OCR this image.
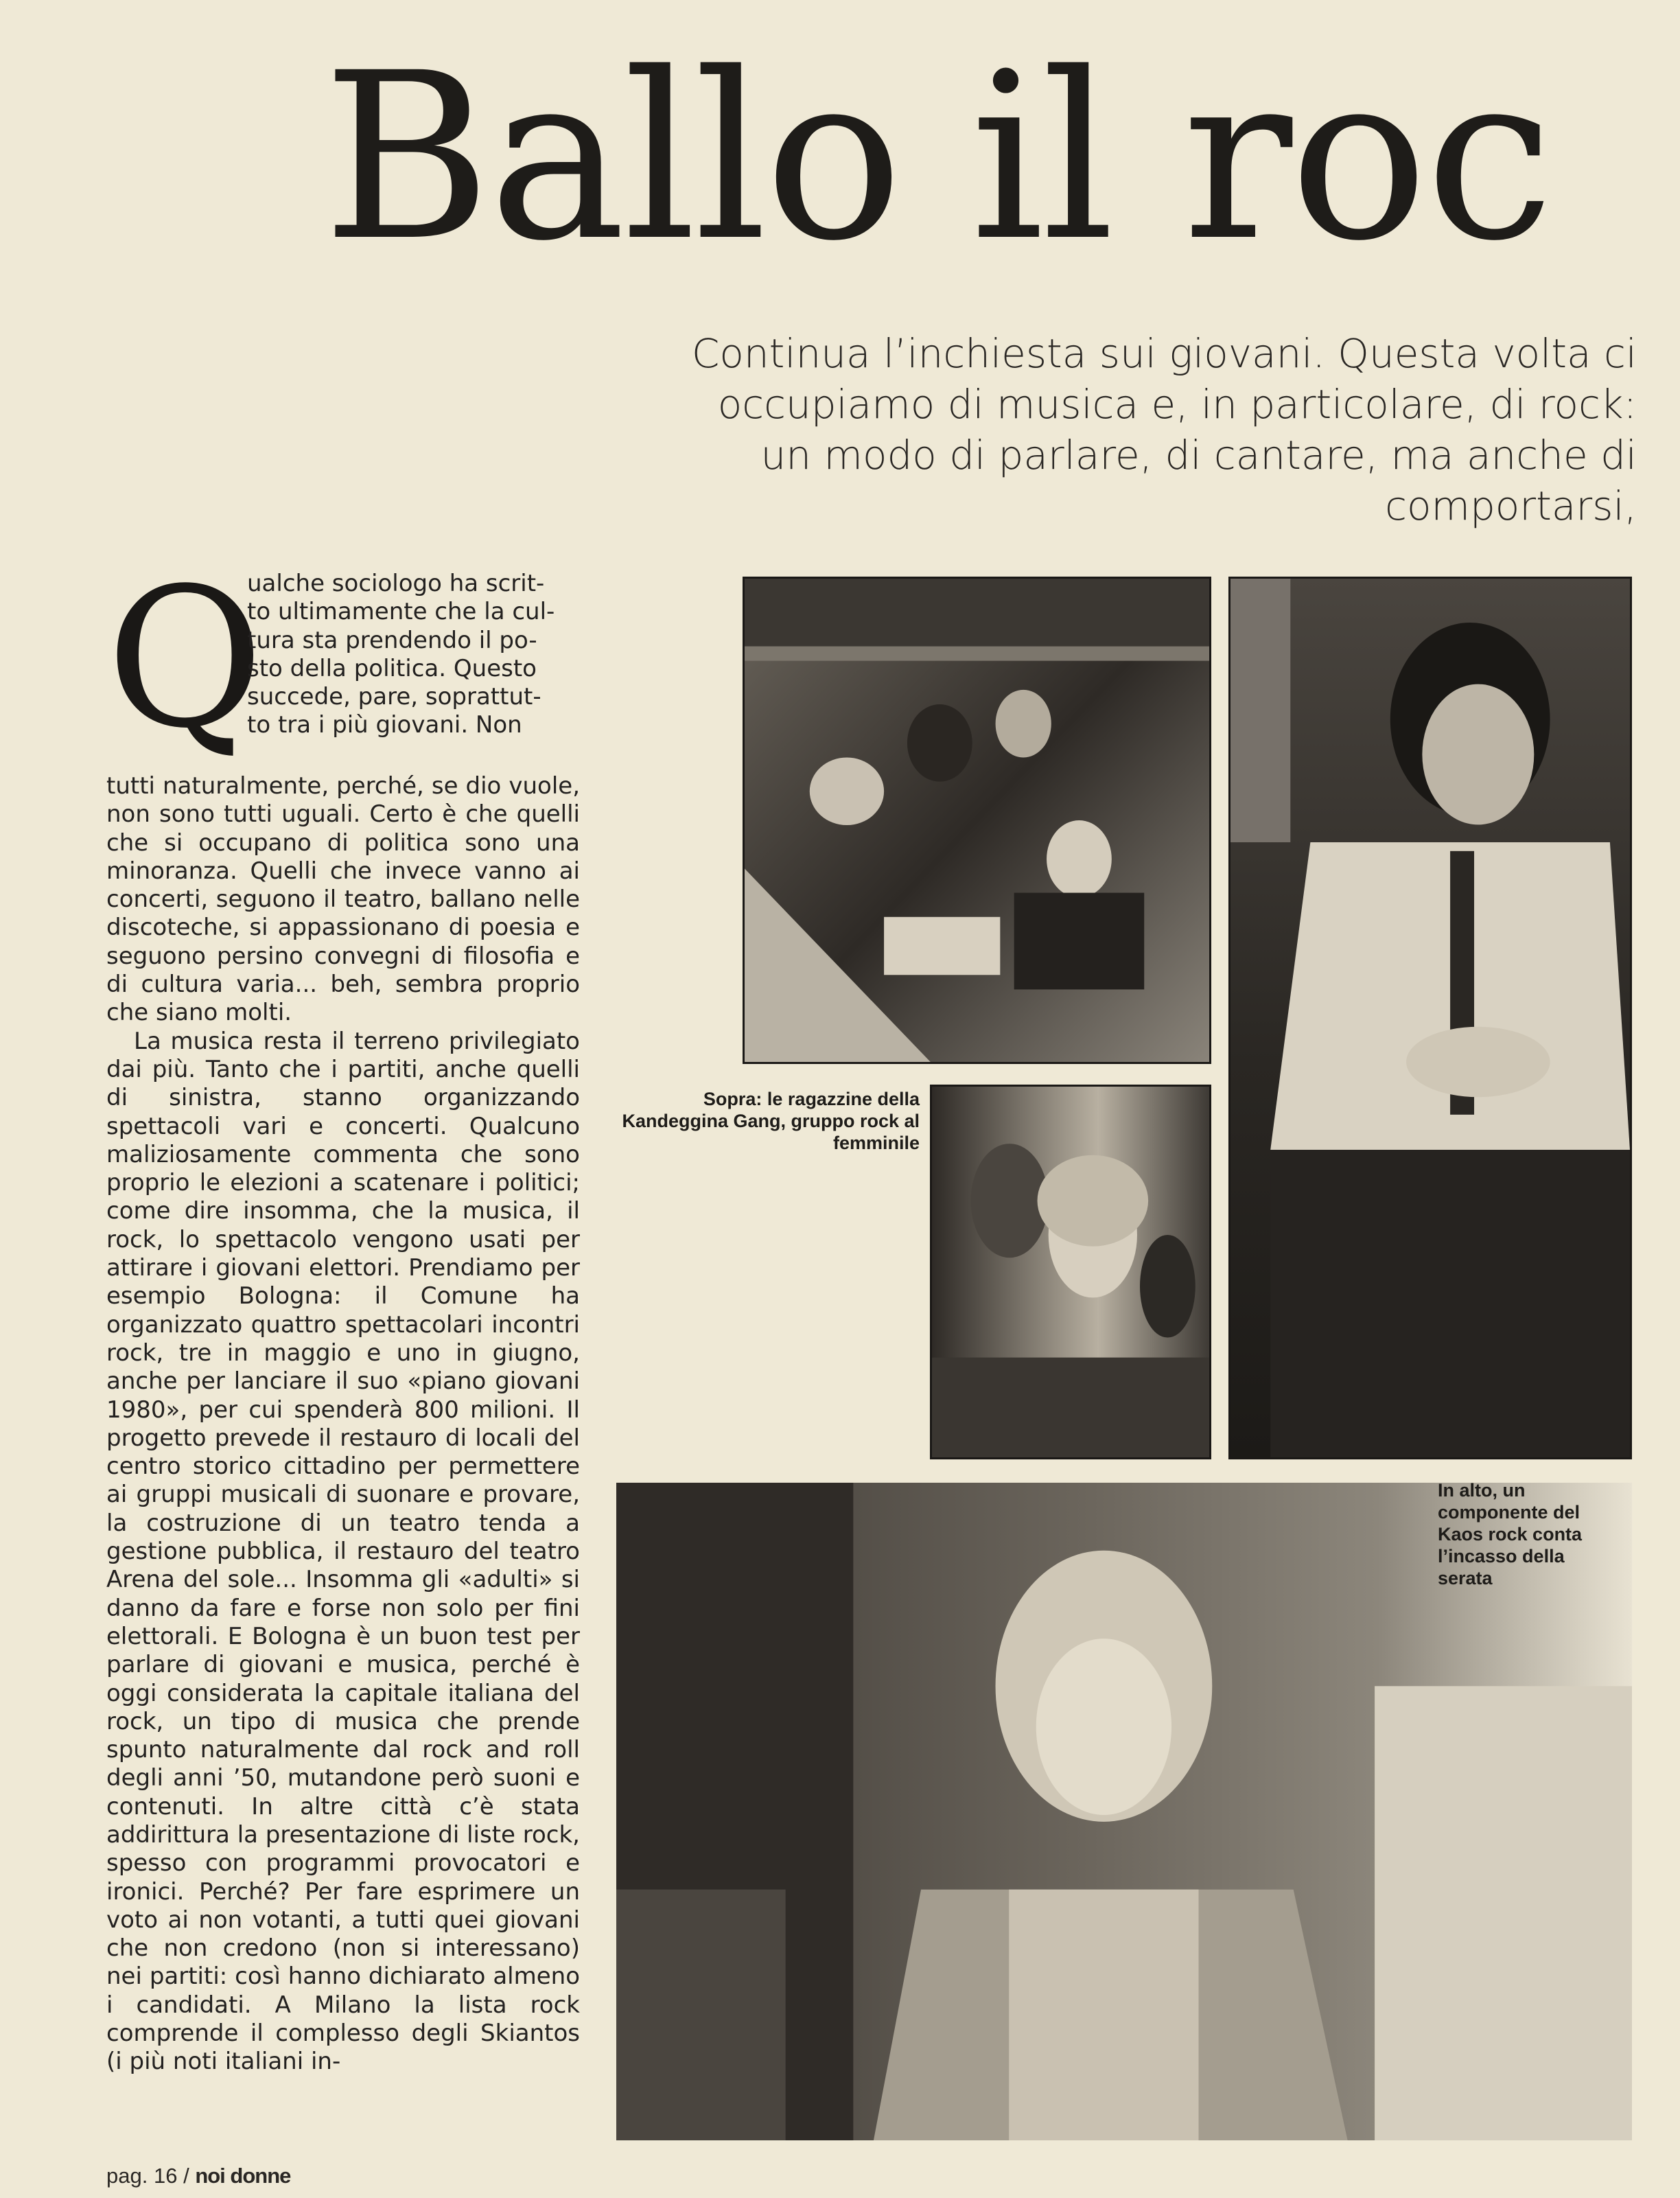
Ballo il roc

Continua l’inchiesta sui giovani. Questa volta ci

occupiamo di musica e, in particolare, di rock:

un modo di parlare, di cantare, ma anche di

comportarsi,

Q

ualche sociologo ha scrit-

to ultimamente che la cul-

tura sta prendendo il po-

sto della politica. Questo

succede, pare, soprattut-

to tra i più giovani. Non

tutti naturalmente, perché, se dio vuole, non sono tutti uguali. Certo è che quelli che si occupano di politica sono una minoranza. Quelli che invece vanno ai concerti, seguono il teatro, ballano nelle discoteche, si appassionano di poesia e seguono persino convegni di filosofia e di cultura varia... beh, sembra proprio che siano molti.

La musica resta il terreno privilegiato dai più. Tanto che i partiti, anche quelli di sinistra, stanno organizzando spettacoli vari e concerti. Qualcuno maliziosamente commenta che sono proprio le elezioni a scatenare i politici; come dire insomma, che la musica, il rock, lo spettacolo vengono usati per attirare i giovani elettori. Prendiamo per esempio Bologna: il Comune ha organizzato quattro spettacolari incontri rock, tre in maggio e uno in giugno, anche per lanciare il suo «piano giovani 1980», per cui spenderà 800 milioni. Il progetto prevede il restauro di locali del centro storico cittadino per permettere ai gruppi musicali di suonare e provare, la costruzione di un teatro tenda a gestione pubblica, il restauro del teatro Arena del sole... Insomma gli «adulti» si danno da fare e forse non solo per fini elettorali. E Bologna è un buon test per parlare di giovani e musica, perché è oggi considerata la capitale italiana del rock, un tipo di musica che prende spunto naturalmente dal rock and roll degli anni ’50, mutandone però suoni e contenuti. In altre città c’è stata addirittura la presentazione di liste rock, spesso con programmi provocatori e ironici. Perché? Per fare esprimere un voto ai non votanti, a tutti quei giovani che non credono (non si interessano) nei partiti: così hanno dichiarato almeno i candidati. A Milano la lista rock comprende il complesso degli Skiantos (i più noti italiani in-

Sopra: le ragazzine della Kandeggina Gang, gruppo rock al femminile
In alto, un componente del Kaos rock conta l’incasso della serata
pag. 16 / noi donne
